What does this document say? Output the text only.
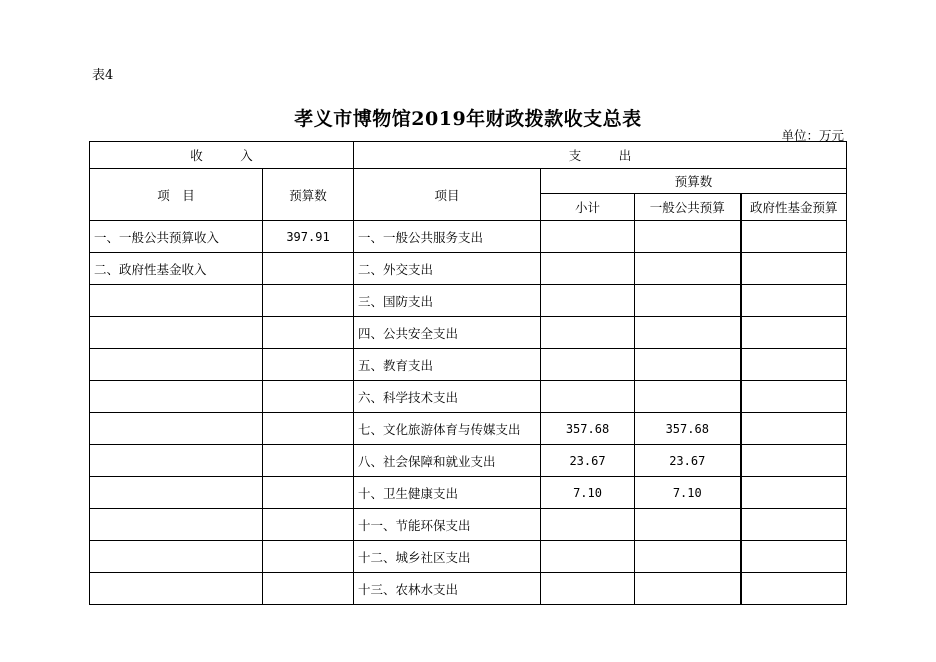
表4
孝义市博物馆2019年财政拨款收支总表
单位：万元
收　　　入		支　　　出			
项　目	预算数	项目	预算数		
			小计	一般公共预算	政府性基金预算
一、一般公共预算收入	397.91	一、一般公共服务支出			
二、政府性基金收入		二、外交支出			
		三、国防支出			
		四、公共安全支出			
		五、教育支出			
		六、科学技术支出			
		七、文化旅游体育与传媒支出	357.68	357.68	
		八、社会保障和就业支出	23.67	23.67	
		十、卫生健康支出	7.10	7.10	
		十一、节能环保支出			
		十二、城乡社区支出			
		十三、农林水支出			
